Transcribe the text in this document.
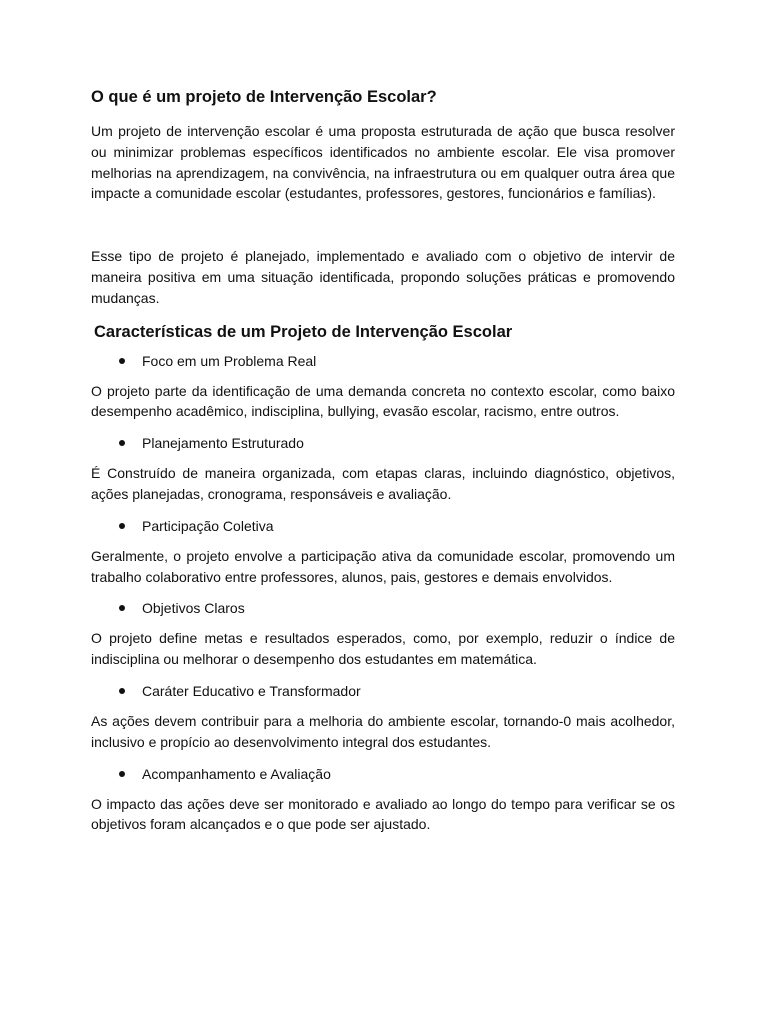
O que é um projeto de Intervenção Escolar?

Um projeto de intervenção escolar é uma proposta estruturada de ação que busca resolver ou minimizar problemas específicos identificados no ambiente escolar. Ele visa promover melhorias na aprendizagem, na convivência, na infraestrutura ou em qualquer outra área que impacte a comunidade escolar (estudantes, professores, gestores, funcionários e famílias).

Esse tipo de projeto é planejado, implementado e avaliado com o objetivo de intervir de maneira positiva em uma situação identificada, propondo soluções práticas e promovendo mudanças.

Características de um Projeto de Intervenção Escolar
Foco em um Problema Real

O projeto parte da identificação de uma demanda concreta no contexto escolar, como baixo desempenho acadêmico, indisciplina, bullying, evasão escolar, racismo, entre outros.

Planejamento Estruturado

É Construído de maneira organizada, com etapas claras, incluindo diagnóstico, objetivos, ações planejadas, cronograma, responsáveis e avaliação.

Participação Coletiva

Geralmente, o projeto envolve a participação ativa da comunidade escolar, promovendo um trabalho colaborativo entre professores, alunos, pais, gestores e demais envolvidos.

Objetivos Claros

O projeto define metas e resultados esperados, como, por exemplo, reduzir o índice de indisciplina ou melhorar o desempenho dos estudantes em matemática.

Caráter Educativo e Transformador

As ações devem contribuir para a melhoria do ambiente escolar, tornando-0 mais acolhedor, inclusivo e propício ao desenvolvimento integral dos estudantes.

Acompanhamento e Avaliação

O impacto das ações deve ser monitorado e avaliado ao longo do tempo para verificar se os objetivos foram alcançados e o que pode ser ajustado.
